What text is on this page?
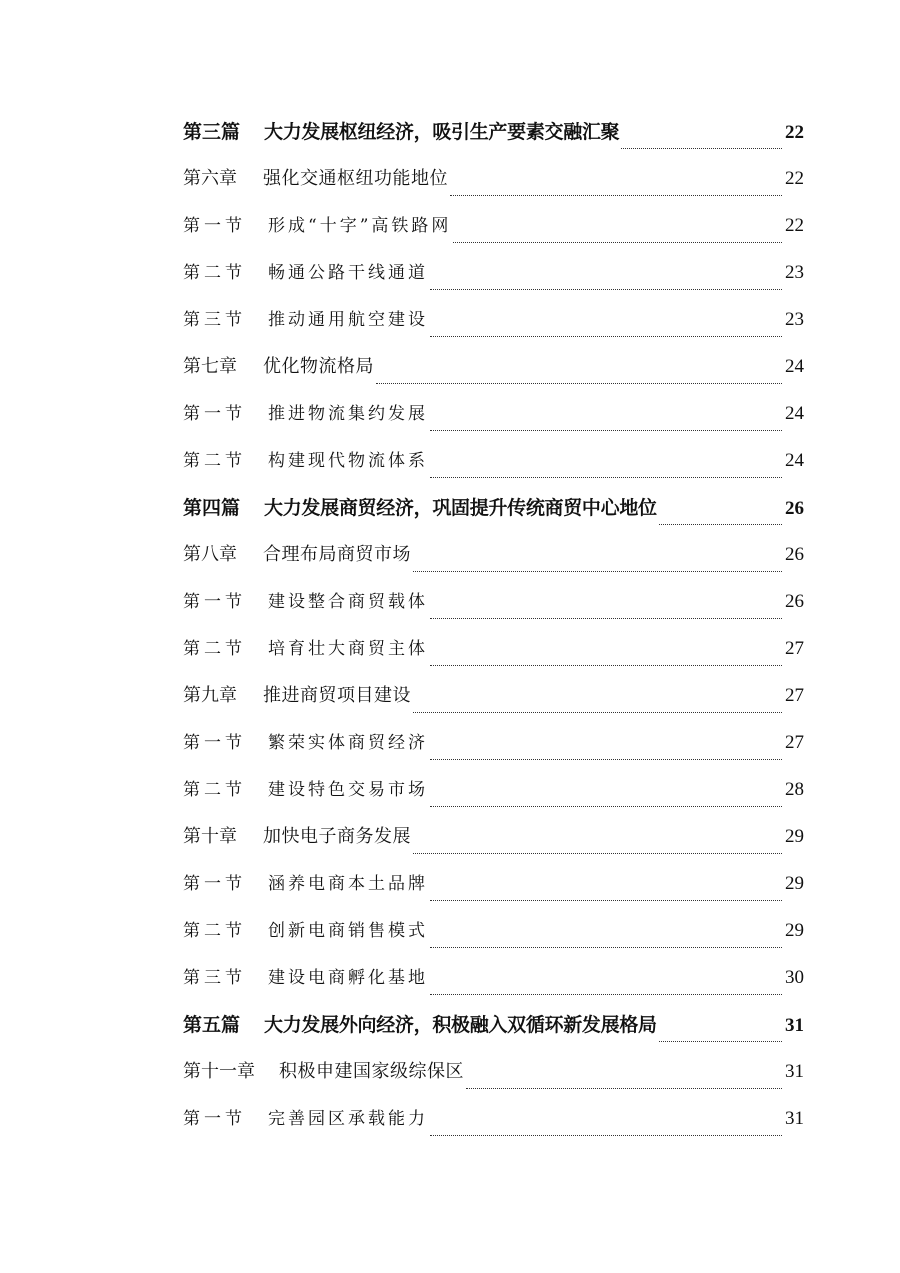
第三篇 大力发展枢纽经济，吸引生产要素交融汇聚	22
第六章 强化交通枢纽功能地位	22
第一节 形成“十字”高铁路网	22
第二节 畅通公路干线通道	23
第三节 推动通用航空建设	23
第七章 优化物流格局	24
第一节 推进物流集约发展	24
第二节 构建现代物流体系	24
第四篇 大力发展商贸经济，巩固提升传统商贸中心地位	26
第八章 合理布局商贸市场	26
第一节 建设整合商贸载体	26
第二节 培育壮大商贸主体	27
第九章 推进商贸项目建设	27
第一节 繁荣实体商贸经济	27
第二节 建设特色交易市场	28
第十章 加快电子商务发展	29
第一节 涵养电商本土品牌	29
第二节 创新电商销售模式	29
第三节 建设电商孵化基地	30
第五篇 大力发展外向经济，积极融入双循环新发展格局	31
第十一章 积极申建国家级综保区	31
第一节 完善园区承载能力	31
